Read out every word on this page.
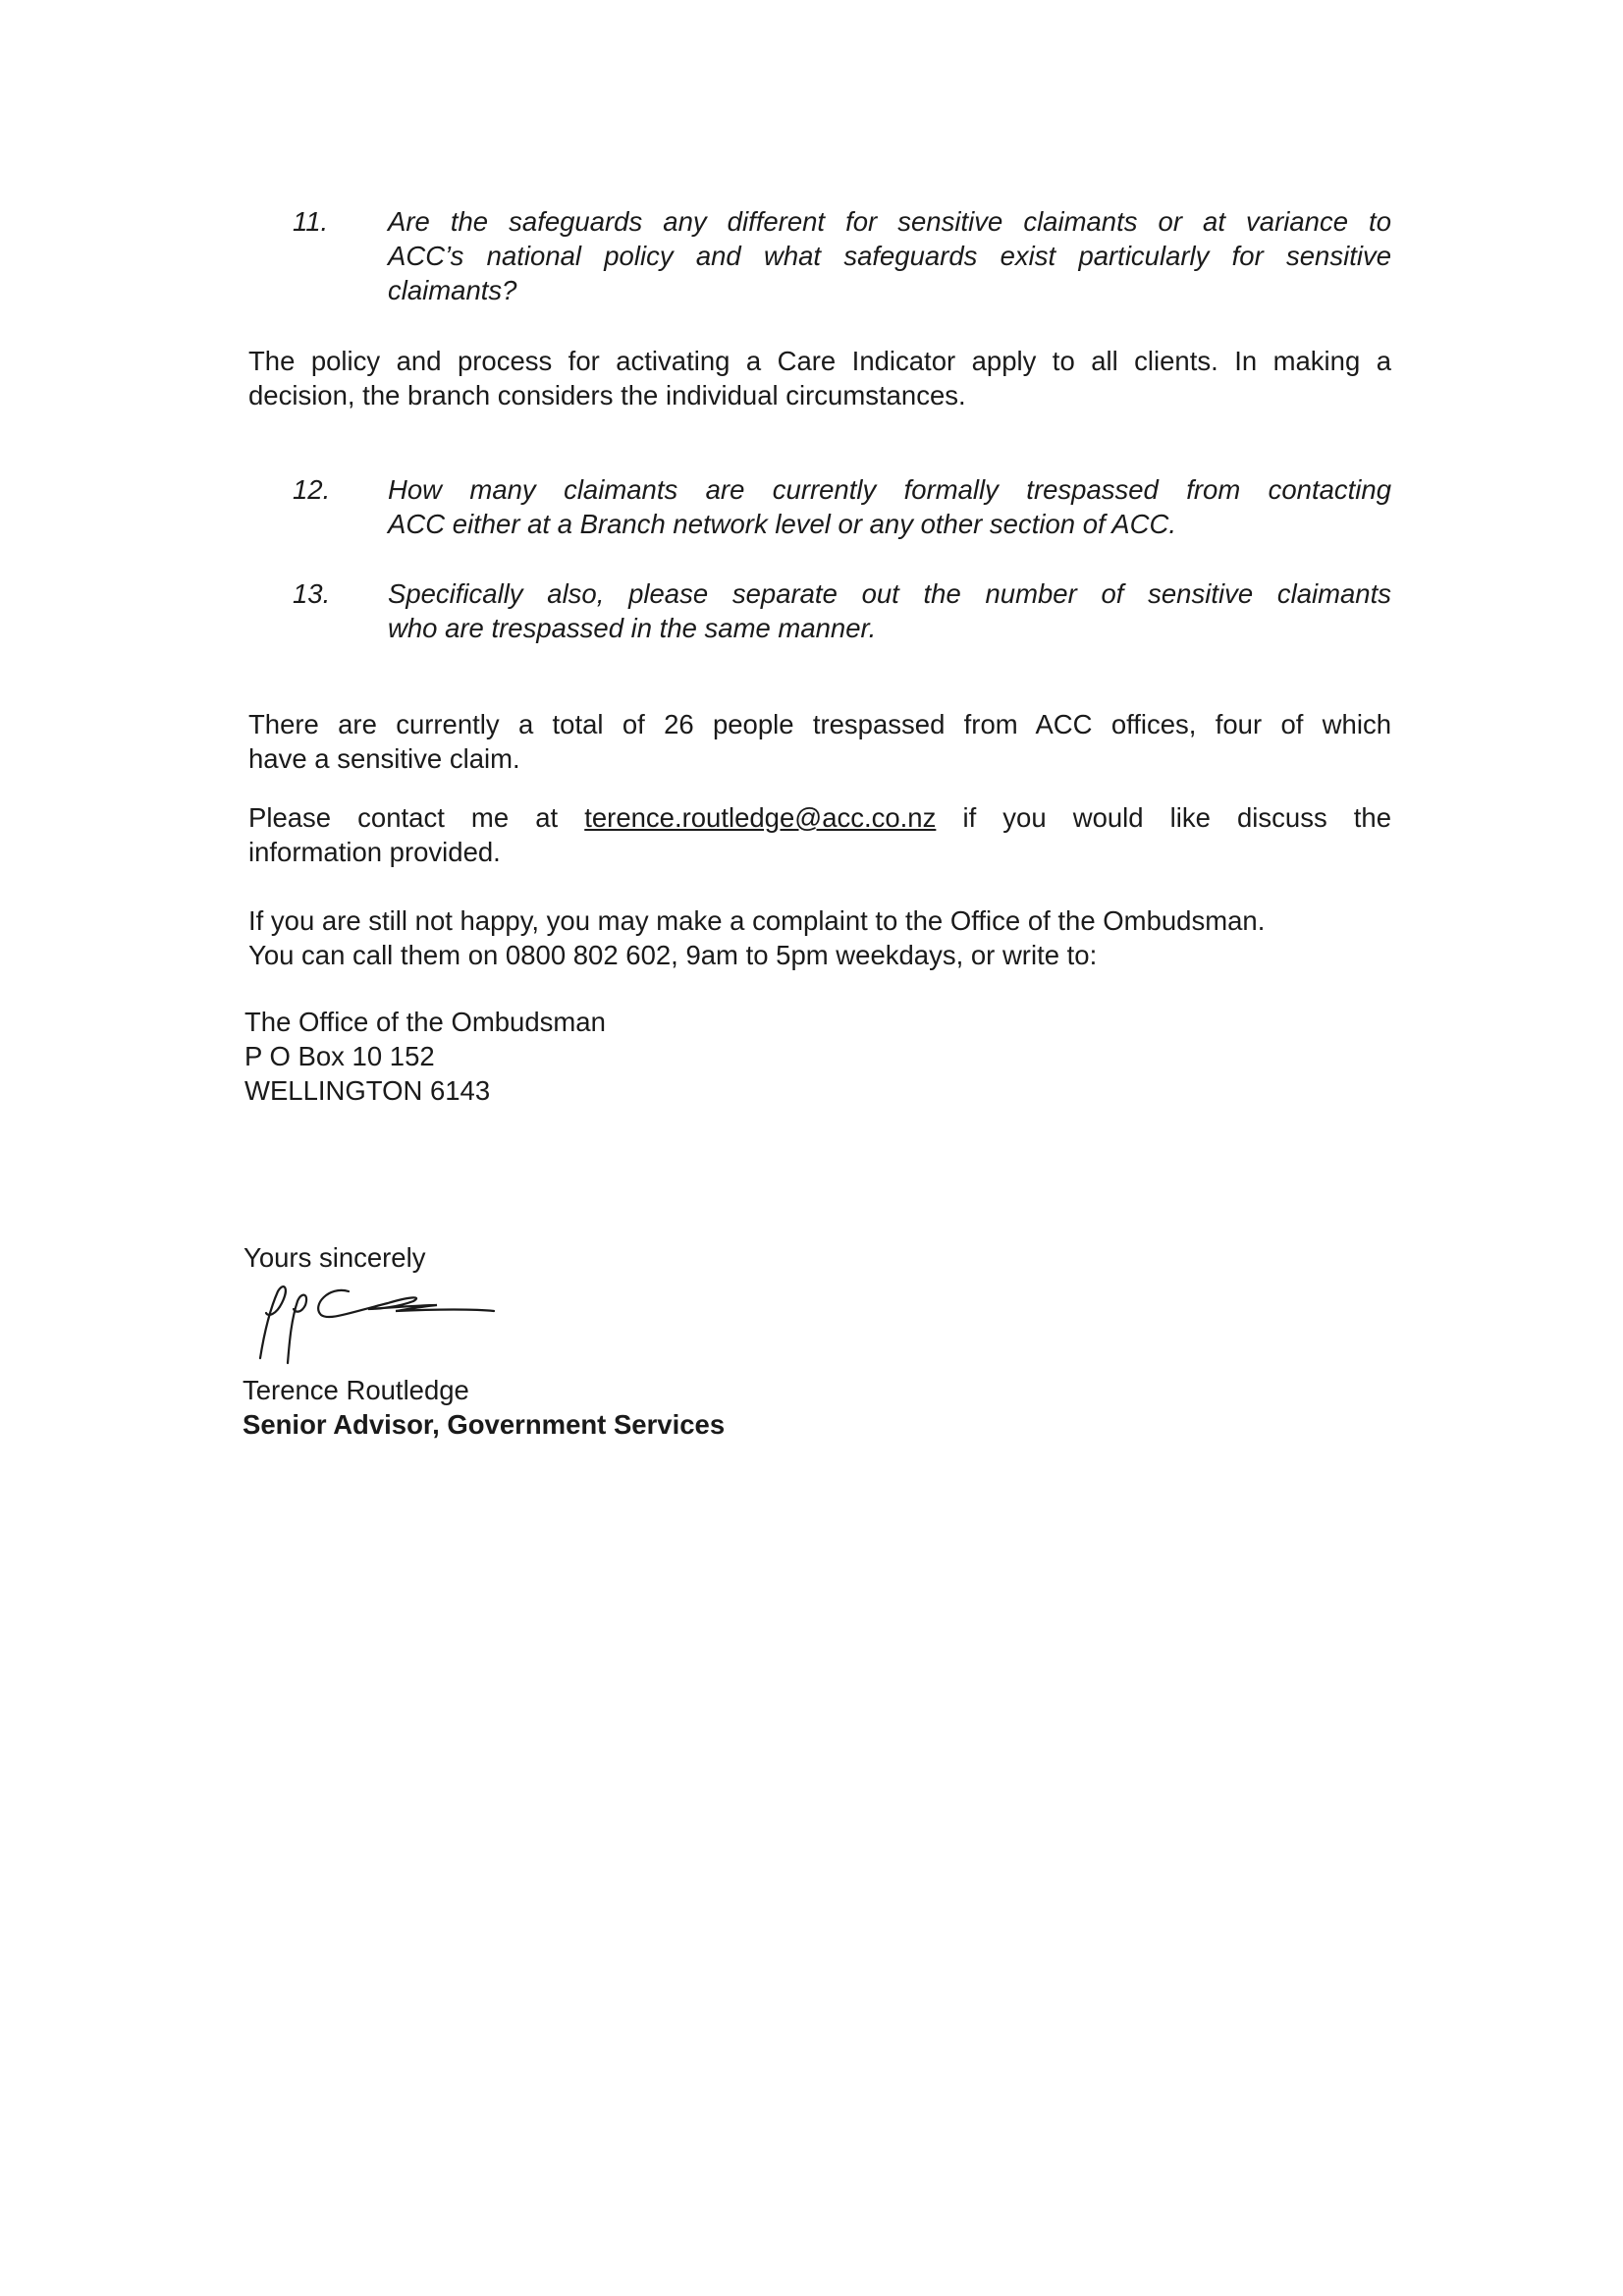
11.	Are the safeguards any different for sensitive claimants or at variance to
ACC’s national policy and what safeguards exist particularly for sensitive
claimants?
The policy and process for activating a Care Indicator apply to all clients. In making a
decision, the branch considers the individual circumstances.
12.	How many claimants are currently formally trespassed from contacting
ACC either at a Branch network level or any other section of ACC.
13.	Specifically also, please separate out the number of sensitive claimants
who are trespassed in the same manner.
There are currently a total of 26 people trespassed from ACC offices, four of which
have a sensitive claim.
Please contact me at terence.routledge@acc.co.nz if you would like discuss the
information provided.
If you are still not happy, you may make a complaint to the Office of the Ombudsman.
You can call them on 0800 802 602, 9am to 5pm weekdays, or write to:
The Office of the Ombudsman
P O Box 10 152
WELLINGTON 6143
Yours sincerely
Terence Routledge
Senior Advisor, Government Services
